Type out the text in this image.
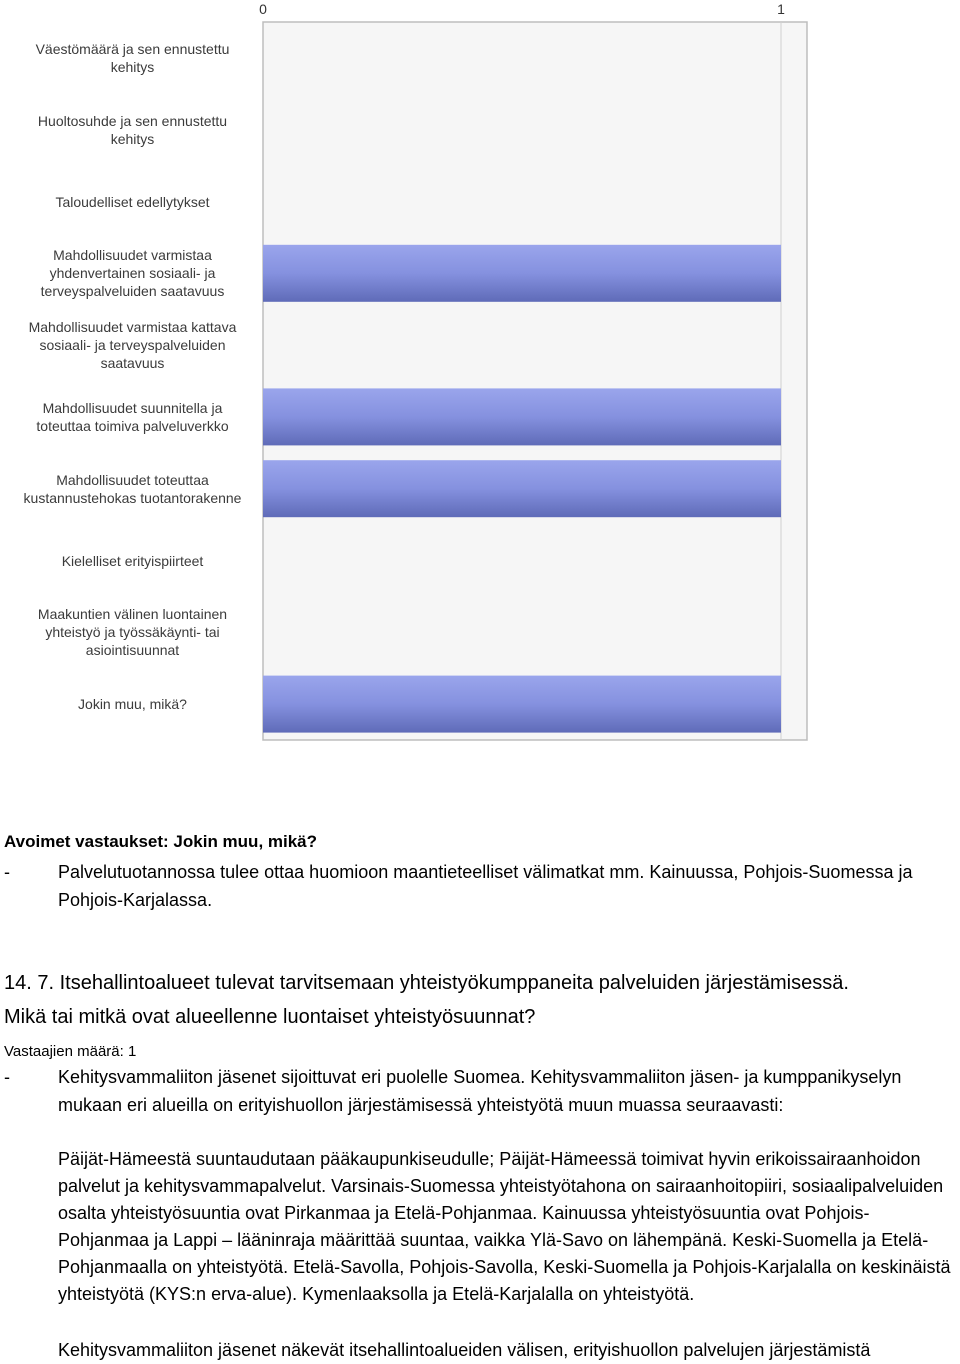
0	1
Väestömäärä ja sen ennustettu
kehitys
Huoltosuhde ja sen ennustettu
kehitys
Taloudelliset edellytykset
Mahdollisuudet varmistaa
yhdenvertainen sosiaali- ja
terveyspalveluiden saatavuus
Mahdollisuudet varmistaa kattava
sosiaali- ja terveyspalveluiden
saatavuus
Mahdollisuudet suunnitella ja
toteuttaa toimiva palveluverkko
Mahdollisuudet toteuttaa
kustannustehokas tuotantorakenne
Kielelliset erityispiirteet
Maakuntien välinen luontainen
yhteistyö ja työssäkäynti- tai
asiointisuunnat
Jokin muu, mikä?
Avoimet vastaukset: Jokin muu, mikä?
-	Palvelutuotannossa tulee ottaa huomioon maantieteelliset välimatkat mm. Kainuussa, Pohjois-Suomessa ja Pohjois-Karjalassa.
14. 7. Itsehallintoalueet tulevat tarvitsemaan yhteistyökumppaneita palveluiden järjestämisessä.
Mikä tai mitkä ovat alueellenne luontaiset yhteistyösuunnat?
Vastaajien määrä: 1
-	Kehitysvammaliiton jäsenet sijoittuvat eri puolelle Suomea. Kehitysvammaliiton jäsen- ja kumppanikyselyn mukaan eri alueilla on erityishuollon järjestämisessä yhteistyötä muun muassa seuraavasti:
Päijät-Hämeestä suuntaudutaan pääkaupunkiseudulle; Päijät-Hämeessä toimivat hyvin erikoissairaanhoidon palvelut ja kehitysvammapalvelut. Varsinais-Suomessa yhteistyötahona on sairaanhoitopiiri, sosiaalipalveluiden osalta yhteistyösuuntia ovat Pirkanmaa ja Etelä-Pohjanmaa. Kainuussa yhteistyösuuntia ovat Pohjois-Pohjanmaa ja Lappi – lääninraja määrittää suuntaa, vaikka Ylä-Savo on lähempänä. Keski-Suomella ja Etelä-Pohjanmaalla on yhteistyötä. Etelä-Savolla, Pohjois-Savolla, Keski-Suomella ja Pohjois-Karjalalla on keskinäistä yhteistyötä (KYS:n erva-alue). Kymenlaaksolla ja Etelä-Karjalalla on yhteistyötä.
Kehitysvammaliiton jäsenet näkevät itsehallintoalueiden välisen, erityishuollon palvelujen järjestämistä
